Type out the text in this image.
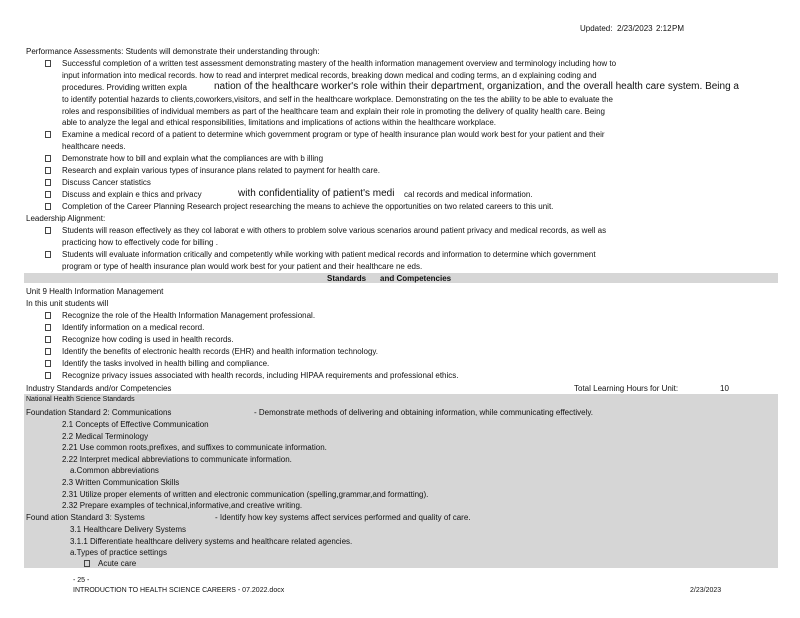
Updated: 2/23/2023 2:12 PM
Performance Assessments: Students will demonstrate their understanding through:
Successful completion of a written test assessment demonstrating mastery of the health information management overview and terminology including how to
input information into medical records. how to read and interpret medical records, breaking down medical and coding terms, an d explaining coding and
procedures. Providing written expla	nation of the healthcare worker's role within their department, organization, and the overall health care system. Being a
to identify potential hazards to clients,coworkers,visitors, and self in the healthcare workplace. Demonstrating on the tes the ability to be able to evaluate the
roles and responsibilities of individual members as part of the healthcare team and explain their role in promoting the delivery of quality health care. Being
able to analyze the legal and ethical responsibilities, limitations and implications of actions within the healthcare workplace.
Examine a medical record of a patient to determine which government program or type of health insurance plan would work best for your patient and their
healthcare needs.
Demonstrate how to bill and explain what the compliances are with b illing
Research and explain various types of insurance plans related to payment for health care.
Discuss Cancer statistics
Discuss and explain e thics and privacy	with confidentiality of patient's medi cal records and medical information.
Completion of the Career Planning Research project researching the means to achieve the opportunities on two related careers to this unit.
Leadership Alignment:
Students will reason effectively as they col laborat e with others to problem solve various scenarios around patient privacy and medical records, as well as
practicing how to effectively code for billing .
Students will evaluate information critically and competently while working with patient medical records and information to determine which government
program or type of health insurance plan would work best for your patient and their healthcare ne eds.
Standards and Competencies
Unit 9 Health Information Management
In this unit students will
Recognize the role of the Health Information Management professional.
Identify information on a medical record.
Recognize how coding is used in health records.
Identify the benefits of electronic health records (EHR) and health information technology.
Identify the tasks involved in health billing and compliance.
Recognize privacy issues associated with health records, including HIPAA requirements and professional ethics.
Industry Standards and/or Competencies	Total Learning Hours for Unit:	10
National Health Science Standards
Foundation Standard 2: Communications	- Demonstrate methods of delivering and obtaining information, while communicating effectively.
2.1 Concepts of Effective Communication
2.2 Medical Terminology
2.21 Use common roots,prefixes, and suffixes to communicate information.
2.22 Interpret medical abbreviations to communicate information.
a.Common abbreviations
2.3 Written Communication Skills
2.31 Utilize proper elements of written and electronic communication (spelling,grammar,and formatting).
2.32 Prepare examples of technical,informative,and creative writing.
Found ation Standard 3: Systems	- Identify how key systems affect services performed and quality of care.
3.1 Healthcare Delivery Systems
3.1.1 Differentiate healthcare delivery systems and healthcare related agencies.
a.Types of practice settings
Acute care
- 25 -
INTRODUCTION TO HEALTH SCIENCE CAREERS - 07.2022.docx	2/23/2023
